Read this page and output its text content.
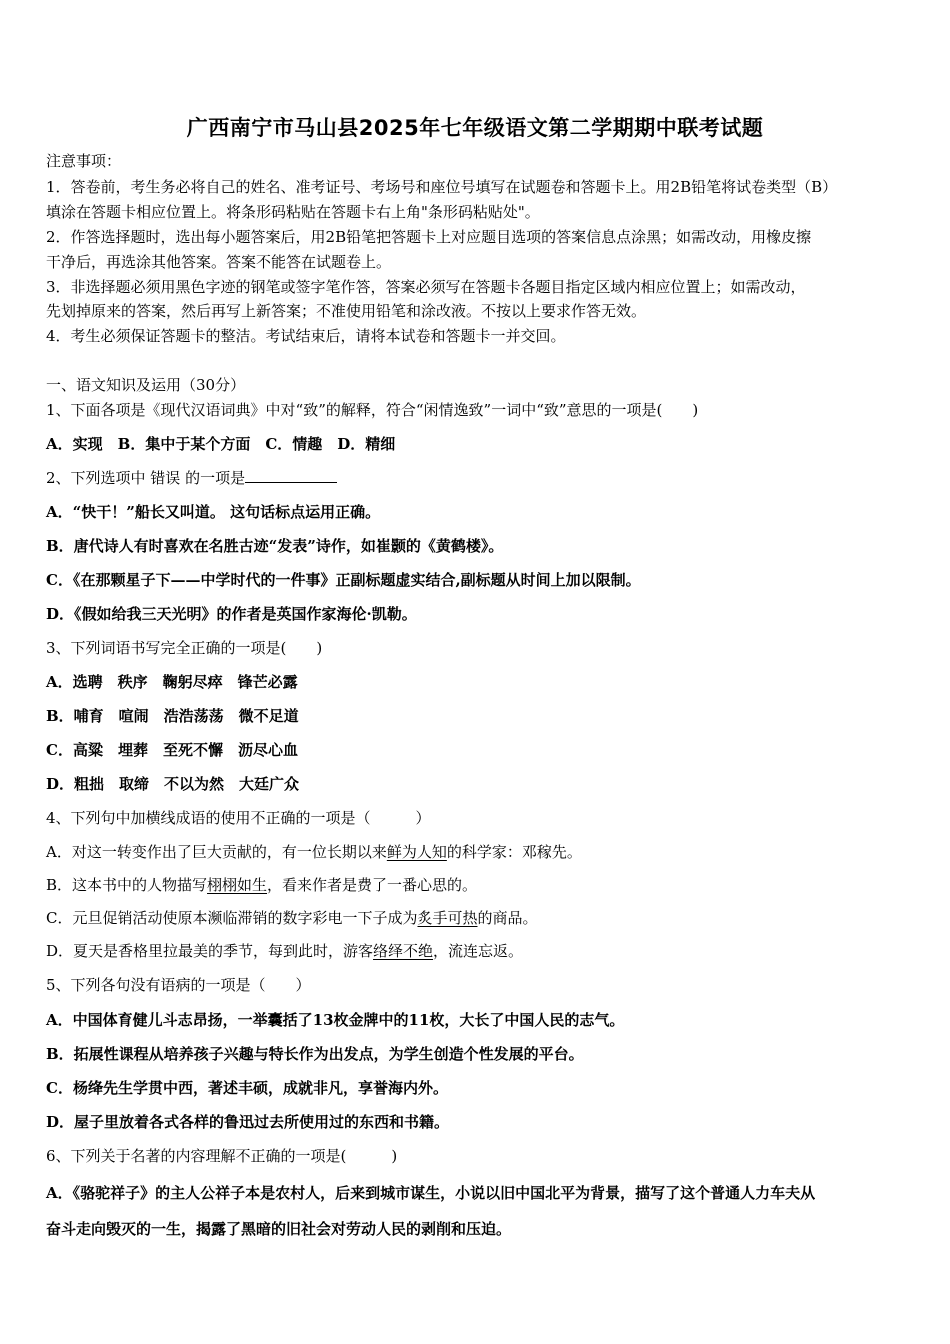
广西南宁市马山县2025年七年级语文第二学期期中联考试题
注意事项：
1．答卷前，考生务必将自己的姓名、准考证号、考场号和座位号填写在试题卷和答题卡上。用2B铅笔将试卷类型（B）
填涂在答题卡相应位置上。将条形码粘贴在答题卡右上角"条形码粘贴处"。
2．作答选择题时，选出每小题答案后，用2B铅笔把答题卡上对应题目选项的答案信息点涂黑；如需改动，用橡皮擦
干净后，再选涂其他答案。答案不能答在试题卷上。
3．非选择题必须用黑色字迹的钢笔或签字笔作答，答案必须写在答题卡各题目指定区域内相应位置上；如需改动，
先划掉原来的答案，然后再写上新答案；不准使用铅笔和涂改液。不按以上要求作答无效。
4．考生必须保证答题卡的整洁。考试结束后，请将本试卷和答题卡一并交回。
一、语文知识及运用（30分）
1、下面各项是《现代汉语词典》中对“致”的解释，符合“闲情逸致”一词中“致”意思的一项是(　　)
A．实现　B．集中于某个方面　C．情趣　D．精细
2、下列选项中 错误 的一项是
A．“快干！”船长又叫道。 这句话标点运用正确。
B．唐代诗人有时喜欢在名胜古迹“发表”诗作，如崔颢的《黄鹤楼》。
C．《在那颗星子下——中学时代的一件事》正副标题虚实结合,副标题从时间上加以限制。
D．《假如给我三天光明》的作者是英国作家海伦·凯勒。
3、下列词语书写完全正确的一项是(　　)
A．选聘　秩序　鞠躬尽瘁　锋芒必露
B．哺育　喧闹　浩浩荡荡　微不足道
C．高粱　埋葬　至死不懈　沥尽心血
D．粗拙　取缔　不以为然　大廷广众
4、下列句中加横线成语的使用不正确的一项是（　　　）
A．对这一转变作出了巨大贡献的，有一位长期以来鲜为人知的科学家：邓稼先。
B．这本书中的人物描写栩栩如生，看来作者是费了一番心思的。
C．元旦促销活动使原本濒临滞销的数字彩电一下子成为炙手可热的商品。
D．夏天是香格里拉最美的季节，每到此时，游客络绎不绝，流连忘返。
5、下列各句没有语病的一项是（　　）
A．中国体育健儿斗志昂扬，一举囊括了13枚金牌中的11枚，大长了中国人民的志气。
B．拓展性课程从培养孩子兴趣与特长作为出发点，为学生创造个性发展的平台。
C．杨绛先生学贯中西，著述丰硕，成就非凡，享誉海内外。
D．屋子里放着各式各样的鲁迅过去所使用过的东西和书籍。
6、下列关于名著的内容理解不正确的一项是(　　　)
A．《骆驼祥子》的主人公祥子本是农村人，后来到城市谋生，小说以旧中国北平为背景，描写了这个普通人力车夫从
奋斗走向毁灭的一生，揭露了黑暗的旧社会对劳动人民的剥削和压迫。
